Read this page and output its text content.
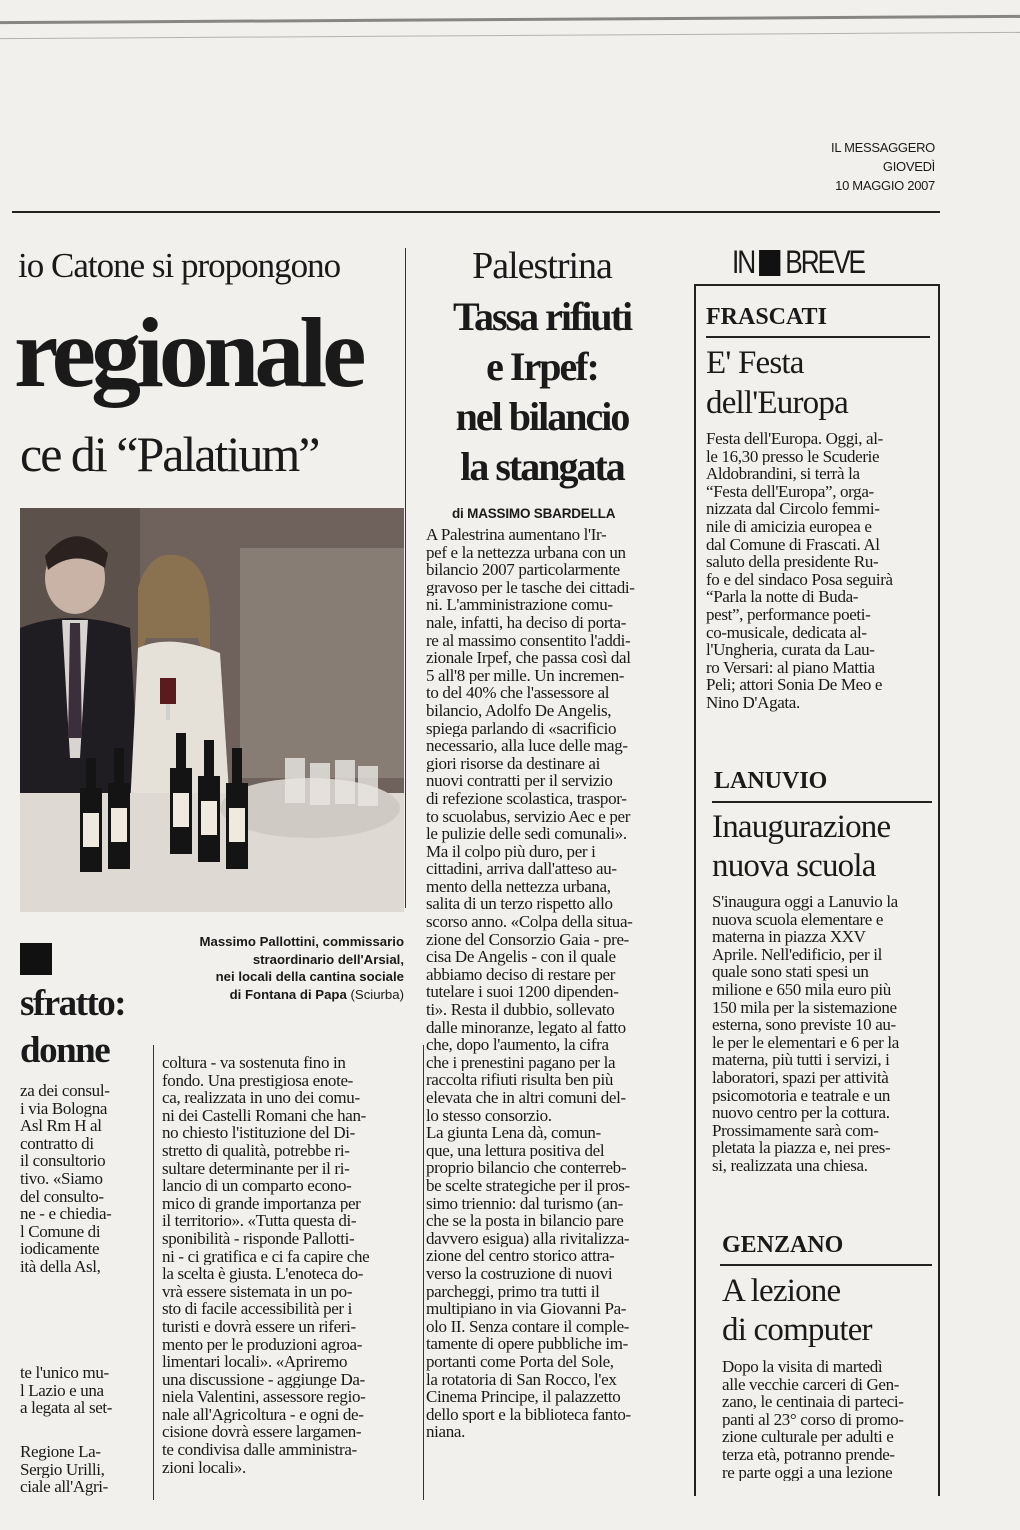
IL MESSAGGERO
GIOVEDÌ
10 MAGGIO 2007
io Catone si propongono
regionale
ce di “Palatium”
Massimo Pallottini, commissario
straordinario dell'Arsial,
nei locali della cantina sociale
di Fontana di Papa (Sciurba)
sfratto:
donne
za dei consul-
i via Bologna
Asl Rm H al
contratto di
il consultorio
tivo. «Siamo
del consulto-
ne - e chiedia-
l Comune di
iodicamente
ità della Asl,
te l'unico mu-
l Lazio e una
a legata al set-
Regione La-
Sergio Urilli,
ciale all'Agri-
coltura - va sostenuta fino in
fondo. Una prestigiosa enote-
ca, realizzata in uno dei comu-
ni dei Castelli Romani che han-
no chiesto l'istituzione del Di-
stretto di qualità, potrebbe ri-
sultare determinante per il ri-
lancio di un comparto econo-
mico di grande importanza per
il territorio». «Tutta questa di-
sponibilità - risponde Pallotti-
ni - ci gratifica e ci fa capire che
la scelta è giusta. L'enoteca do-
vrà essere sistemata in un po-
sto di facile accessibilità per i
turisti e dovrà essere un riferi-
mento per le produzioni agroa-
limentari locali». «Apriremo
una discussione - aggiunge Da-
niela Valentini, assessore regio-
nale all'Agricoltura - e ogni de-
cisione dovrà essere largamen-
te condivisa dalle amministra-
zioni locali».
Palestrina
Tassa rifiuti
e Irpef:
nel bilancio
la stangata
di MASSIMO SBARDELLA
A Palestrina aumentano l'Ir-
pef e la nettezza urbana con un
bilancio 2007 particolarmente
gravoso per le tasche dei cittadi-
ni. L'amministrazione comu-
nale, infatti, ha deciso di porta-
re al massimo consentito l'addi-
zionale Irpef, che passa così dal
5 all'8 per mille. Un incremen-
to del 40% che l'assessore al
bilancio, Adolfo De Angelis,
spiega parlando di «sacrificio
necessario, alla luce delle mag-
giori risorse da destinare ai
nuovi contratti per il servizio
di refezione scolastica, traspor-
to scuolabus, servizio Aec e per
le pulizie delle sedi comunali».
Ma il colpo più duro, per i
cittadini, arriva dall'atteso au-
mento della nettezza urbana,
salita di un terzo rispetto allo
scorso anno. «Colpa della situa-
zione del Consorzio Gaia - pre-
cisa De Angelis - con il quale
abbiamo deciso di restare per
tutelare i suoi 1200 dipenden-
ti». Resta il dubbio, sollevato
dalle minoranze, legato al fatto
che, dopo l'aumento, la cifra
che i prenestini pagano per la
raccolta rifiuti risulta ben più
elevata che in altri comuni del-
lo stesso consorzio.
La giunta Lena dà, comun-
que, una lettura positiva del
proprio bilancio che conterreb-
be scelte strategiche per il pros-
simo triennio: dal turismo (an-
che se la posta in bilancio pare
davvero esigua) alla rivitalizza-
zione del centro storico attra-
verso la costruzione di nuovi
parcheggi, primo tra tutti il
multipiano in via Giovanni Pa-
olo II. Senza contare il comple-
tamente di opere pubbliche im-
portanti come Porta del Sole,
la rotatoria di San Rocco, l'ex
Cinema Principe, il palazzetto
dello sport e la biblioteca fanto-
niana.
IN BREVE
FRASCATI
E' Festa
dell'Europa
Festa dell'Europa. Oggi, al-
le 16,30 presso le Scuderie
Aldobrandini, si terrà la
“Festa dell'Europa”, orga-
nizzata dal Circolo femmi-
nile di amicizia europea e
dal Comune di Frascati. Al
saluto della presidente Ru-
fo e del sindaco Posa seguirà
“Parla la notte di Buda-
pest”, performance poeti-
co-musicale, dedicata al-
l'Ungheria, curata da Lau-
ro Versari: al piano Mattia
Peli; attori Sonia De Meo e
Nino D'Agata.
LANUVIO
Inaugurazione
nuova scuola
S'inaugura oggi a Lanuvio la
nuova scuola elementare e
materna in piazza XXV
Aprile. Nell'edificio, per il
quale sono stati spesi un
milione e 650 mila euro più
150 mila per la sistemazione
esterna, sono previste 10 au-
le per le elementari e 6 per la
materna, più tutti i servizi, i
laboratori, spazi per attività
psicomotoria e teatrale e un
nuovo centro per la cottura.
Prossimamente sarà com-
pletata la piazza e, nei pres-
si, realizzata una chiesa.
GENZANO
A lezione
di computer
Dopo la visita di martedì
alle vecchie carceri di Gen-
zano, le centinaia di parteci-
panti al 23° corso di promo-
zione culturale per adulti e
terza età, potranno prende-
re parte oggi a una lezione
